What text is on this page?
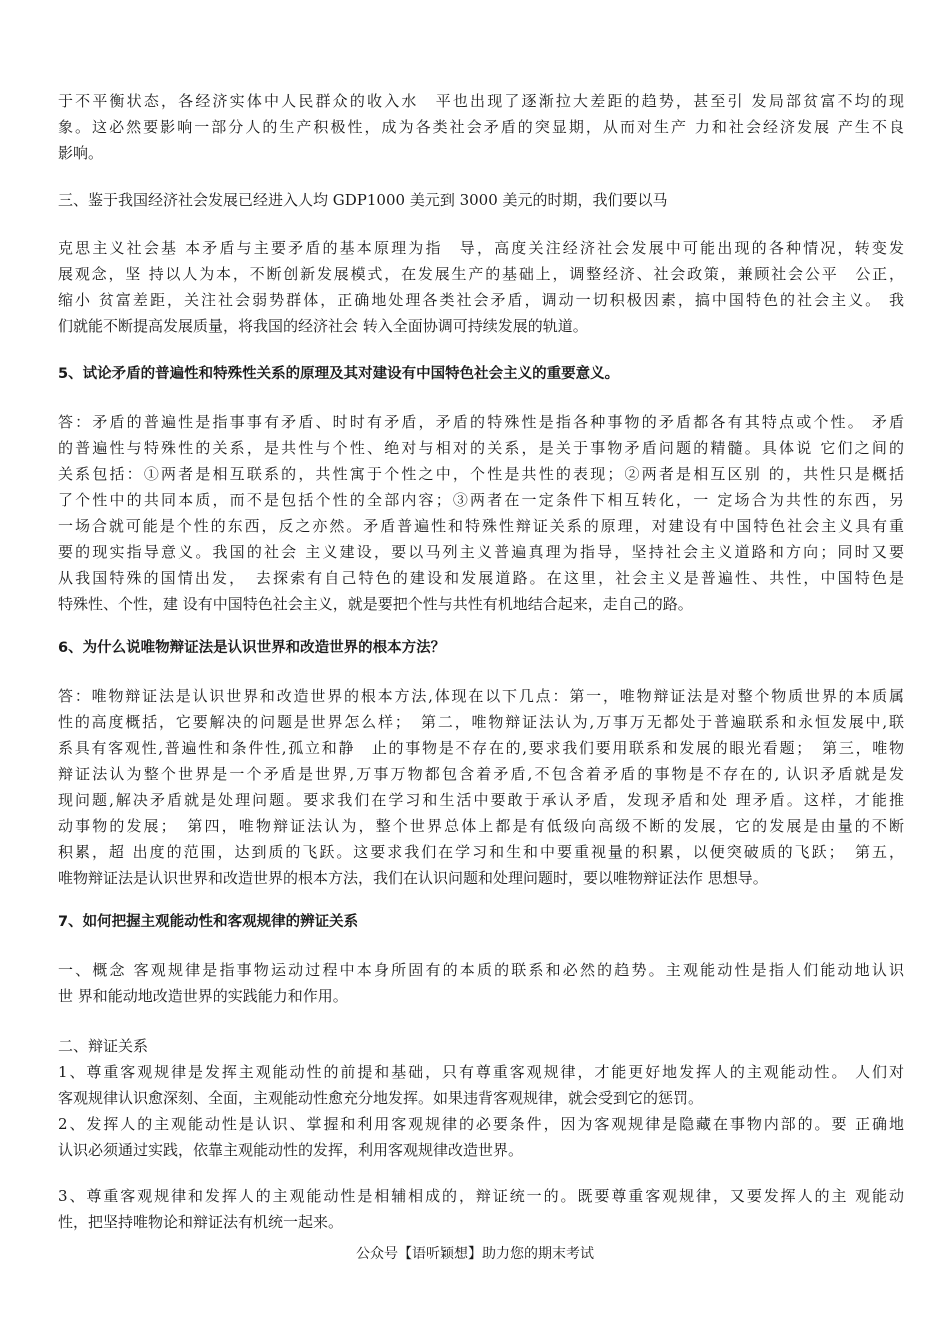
于不平衡状态，各经济实体中人民群众的收入水　平也出现了逐渐拉大差距的趋势，甚至引 发局部贫富不均的现
象。这必然要影响一部分人的生产积极性，成为各类社会矛盾的突显期，从而对生产 力和社会经济发展 产生不良
影响。
三、鉴于我国经济社会发展已经进入人均 GDP1000 美元到 3000 美元的时期，我们要以马
克思主义社会基 本矛盾与主要矛盾的基本原理为指　导，高度关注经济社会发展中可能出现的各种情况，转变发
展观念，坚 持以人为本，不断创新发展模式，在发展生产的基础上，调整经济、社会政策，兼顾社会公平　公正，
缩小 贫富差距，关注社会弱势群体，正确地处理各类社会矛盾，调动一切积极因素，搞中国特色的社会主义。 我
们就能不断提高发展质量，将我国的经济社会 转入全面协调可持续发展的轨道。
5、试论矛盾的普遍性和特殊性关系的原理及其对建设有中国特色社会主义的重要意义。
答：矛盾的普遍性是指事事有矛盾、时时有矛盾，矛盾的特殊性是指各种事物的矛盾都各有其特点或个性。 矛盾
的普遍性与特殊性的关系，是共性与个性、绝对与相对的关系，是关于事物矛盾问题的精髓。具体说 它们之间的
关系包括：①两者是相互联系的，共性寓于个性之中，个性是共性的表现；②两者是相互区别 的，共性只是概括
了个性中的共同本质，而不是包括个性的全部内容；③两者在一定条件下相互转化，一 定场合为共性的东西，另
一场合就可能是个性的东西，反之亦然。矛盾普遍性和特殊性辩证关系的原理，对建设有中国特色社会主义具有重
要的现实指导意义。我国的社会 主义建设，要以马列主义普遍真理为指导，坚持社会主义道路和方向；同时又要
从我国特殊的国情出发，　去探索有自己特色的建设和发展道路。在这里，社会主义是普遍性、共性，中国特色是
特殊性、个性，建 设有中国特色社会主义，就是要把个性与共性有机地结合起来，走自己的路。
6、为什么说唯物辩证法是认识世界和改造世界的根本方法？
答：唯物辩证法是认识世界和改造世界的根本方法,体现在以下几点：第一，唯物辩证法是对整个物质世界的本质属
性的高度概括，它要解决的问题是世界怎么样；　第二，唯物辩证法认为,万事万无都处于普遍联系和永恒发展中,联
系具有客观性,普遍性和条件性,孤立和静　止的事物是不存在的,要求我们要用联系和发展的眼光看题；　第三，唯物
辩证法认为整个世界是一个矛盾是世界,万事万物都包含着矛盾,不包含着矛盾的事物是不存在的, 认识矛盾就是发
现问题,解决矛盾就是处理问题。要求我们在学习和生活中要敢于承认矛盾，发现矛盾和处 理矛盾。这样，才能推
动事物的发展；　第四，唯物辩证法认为，整个世界总体上都是有低级向高级不断的发展，它的发展是由量的不断
积累，超 出度的范围，达到质的飞跃。这要求我们在学习和生和中要重视量的积累，以便突破质的飞跃；　第五，
唯物辩证法是认识世界和改造世界的根本方法，我们在认识问题和处理问题时，要以唯物辩证法作 思想导。
7、如何把握主观能动性和客观规律的辨证关系
一、概念 客观规律是指事物运动过程中本身所固有的本质的联系和必然的趋势。主观能动性是指人们能动地认识
世 界和能动地改造世界的实践能力和作用。
二、辩证关系
1、尊重客观规律是发挥主观能动性的前提和基础，只有尊重客观规律，才能更好地发挥人的主观能动性。 人们对
客观规律认识愈深刻、全面，主观能动性愈充分地发挥。如果违背客观规律，就会受到它的惩罚。
2、发挥人的主观能动性是认识、掌握和利用客观规律的必要条件，因为客观规律是隐藏在事物内部的。要 正确地
认识必须通过实践，依靠主观能动性的发挥，利用客观规律改造世界。
3、尊重客观规律和发挥人的主观能动性是相辅相成的，辩证统一的。既要尊重客观规律，又要发挥人的主 观能动
性，把坚持唯物论和辩证法有机统一起来。
公众号【语听颖想】助力您的期末考试
